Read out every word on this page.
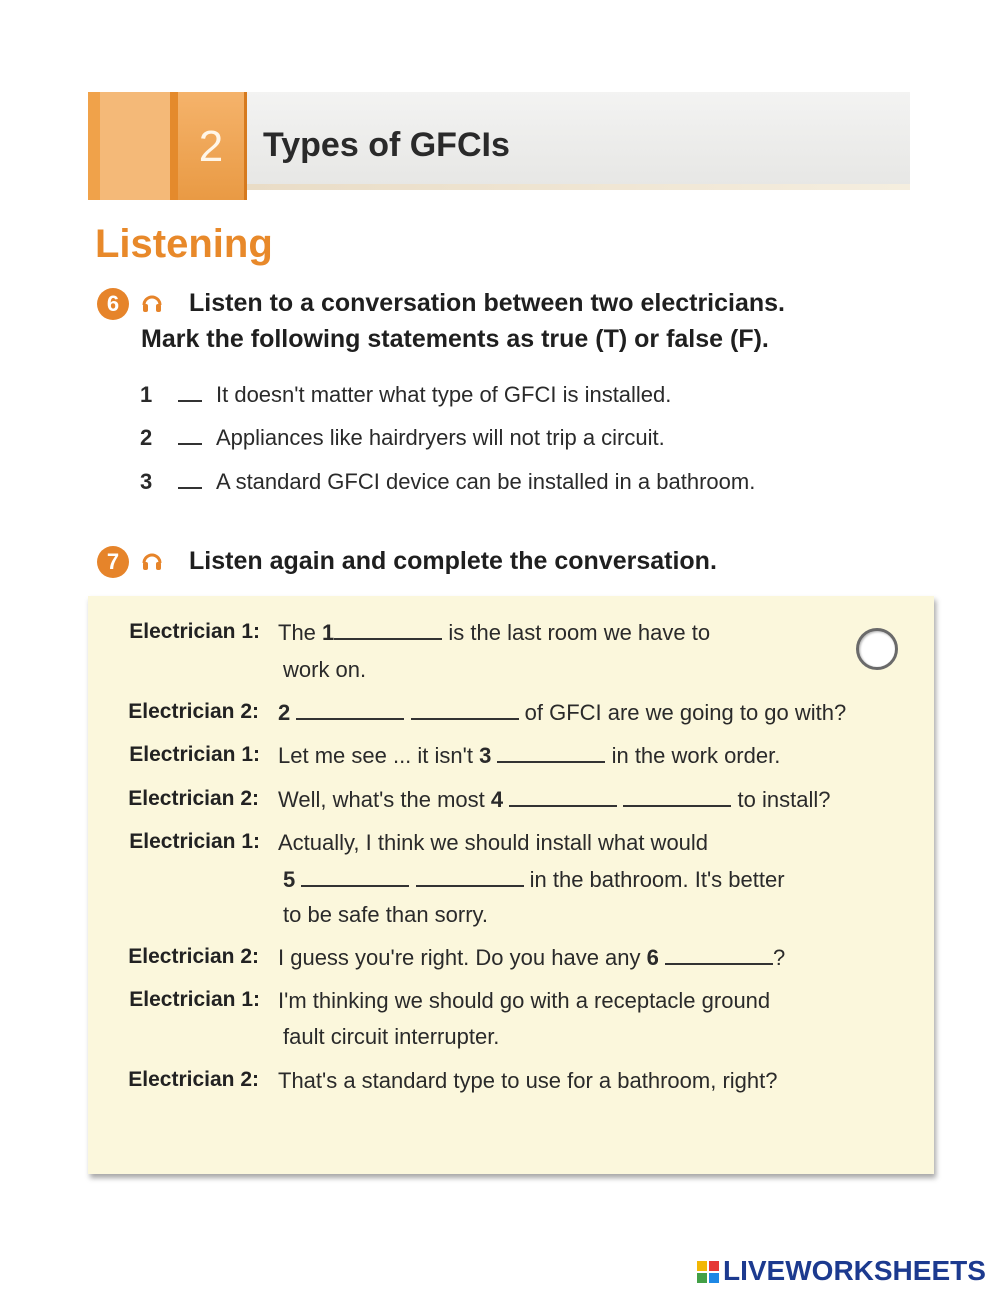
2	Types of GFCIs
Listening
6	Listen to a conversation between two electricians.
Mark the following statements as true (T) or false (F).
1	It doesn't matter what type of GFCI is installed.
2	Appliances like hairdryers will not trip a circuit.
3	A standard GFCI device can be installed in a bathroom.
7	Listen again and complete the conversation.
Electrician 1: The 1	is the last room we have to
work on.
Electrician 2: 2	of GFCI are we going to go with?
Electrician 1: Let me see ... it isn't 3	in the work order.
Electrician 2: Well, what's the most 4	to install?
Electrician 1: Actually, I think we should install what would
5	in the bathroom. It's better
to be safe than sorry.
Electrician 2: I guess you're right. Do you have any 6	?
Electrician 1: I'm thinking we should go with a receptacle ground
fault circuit interrupter.
Electrician 2: That's a standard type to use for a bathroom, right?
LIVEWORKSHEETS
